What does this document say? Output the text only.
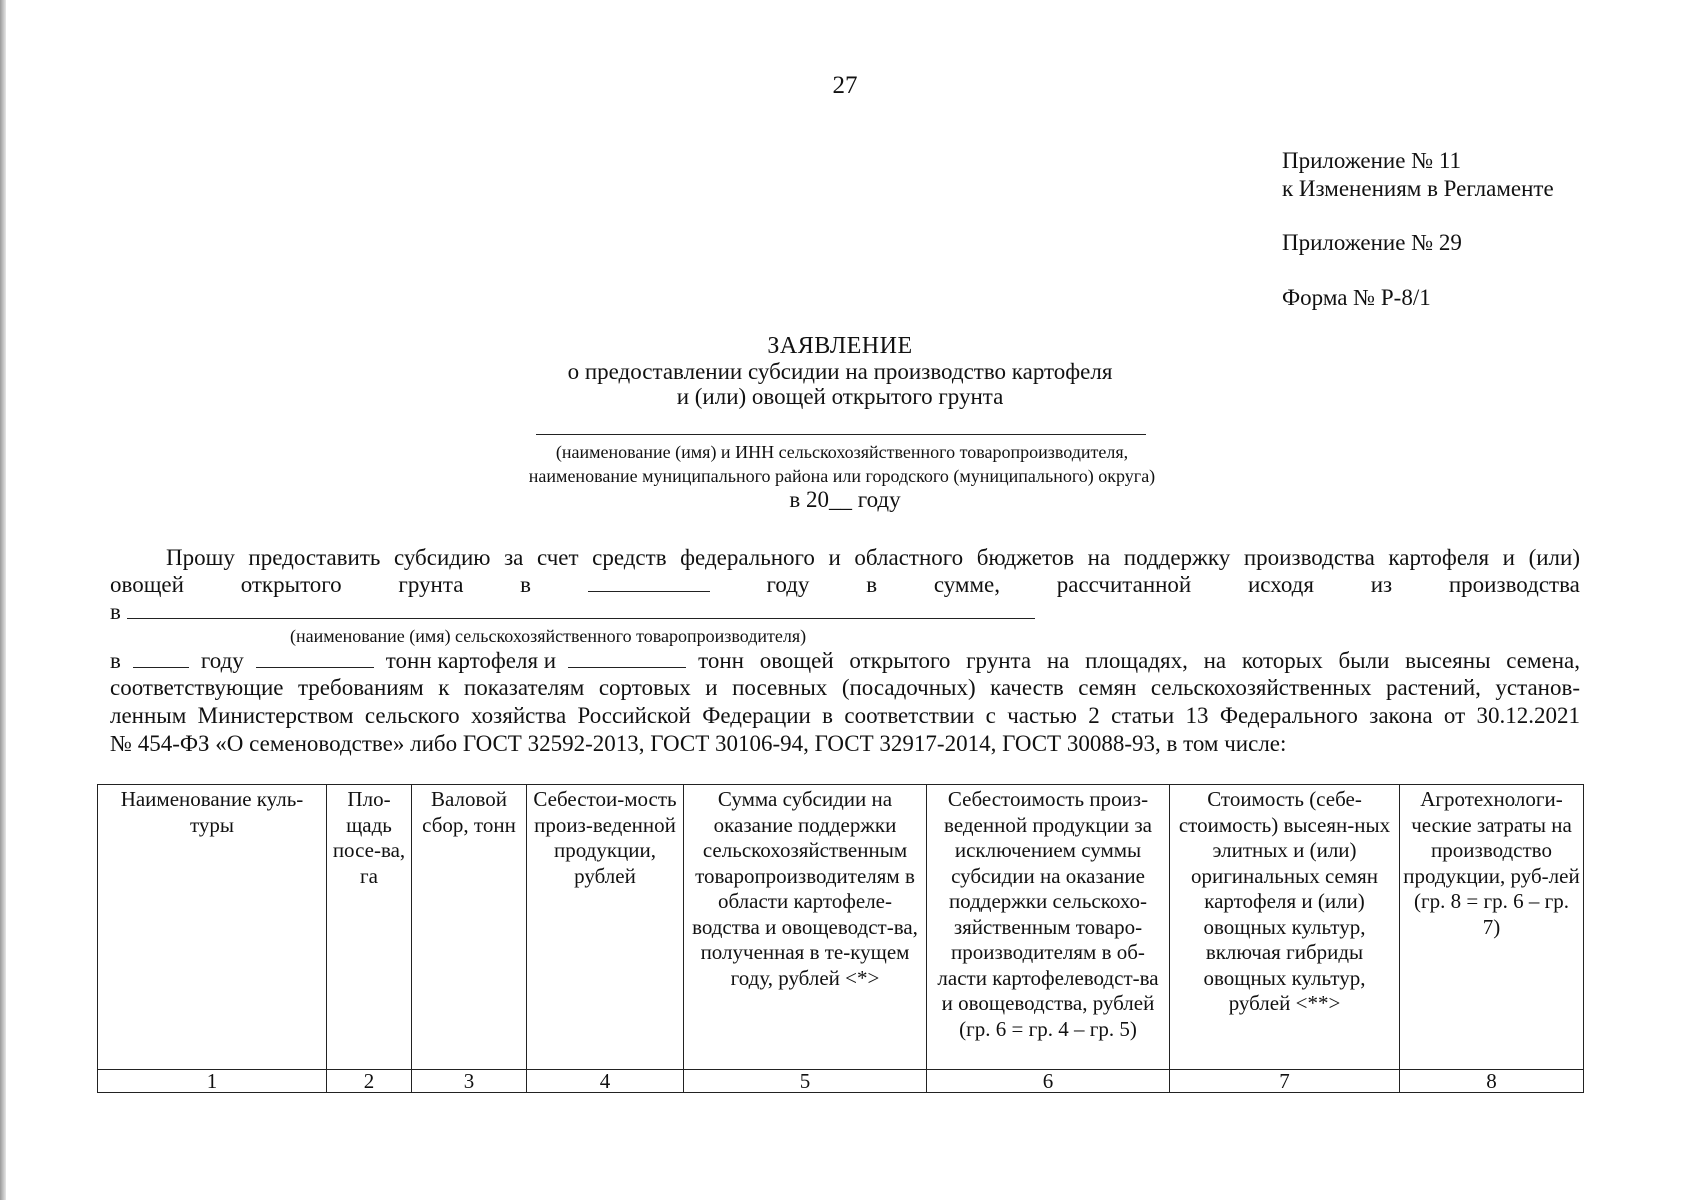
27
Приложение № 11
к Изменениям в Регламенте
Приложение № 29
Форма № Р-8/1
ЗАЯВЛЕНИЕ
о предоставлении субсидии на производство картофеля
и (или) овощей открытого грунта
(наименование (имя) и ИНН сельскохозяйственного товаропроизводителя,
наименование муниципального района или городского (муниципального) округа)
в 20__ году
Прошу предоставить субсидию за счет средств федерального и областного бюджетов на поддержку производства картофеля и (или)
овощей открытого грунта в	году в сумме, рассчитанной исходя из производства
в
(наименование (имя) сельскохозяйственного товаропроизводителя)
в	году	тонн картофеля и	тонн овощей открытого грунта на площадях, на которых были высеяны семена,
соответствующие требованиям к показателям сортовых и посевных (посадочных) качеств семян сельскохозяйственных растений, установ-
ленным Министерством сельского хозяйства Российской Федерации в соответствии с частью 2 статьи 13 Федерального закона от 30.12.2021
№ 454-ФЗ «О семеноводстве» либо ГОСТ 32592-2013, ГОСТ 30106-94, ГОСТ 32917-2014, ГОСТ 30088-93, в том числе:
Наименование куль-туры	Пло-щадь посе-ва, га	Валовой сбор, тонн	Себестои-мость произ-веденной продукции, рублей	Сумма субсидии на оказание поддержки сельскохозяйственным товаропроизводителям в области картофеле-водства и овощеводст-ва, полученная в те-кущем году, рублей <*>	Себестоимость произ-веденной продукции за исключением суммы субсидии на оказание поддержки сельскохо-зяйственным товаро-производителям в об-ласти картофелеводст-ва и овощеводства, рублей (гр. 6 = гр. 4 – гр. 5)	Стоимость (себе-стоимость) высеян-ных элитных и (или) оригинальных семян картофеля и (или) овощных культур, включая гибриды овощных культур, рублей <**>	Агротехнологи-ческие затраты на производство продукции, руб-лей (гр. 8 = гр. 6 – гр. 7)
1	2	3	4	5	6	7	8
